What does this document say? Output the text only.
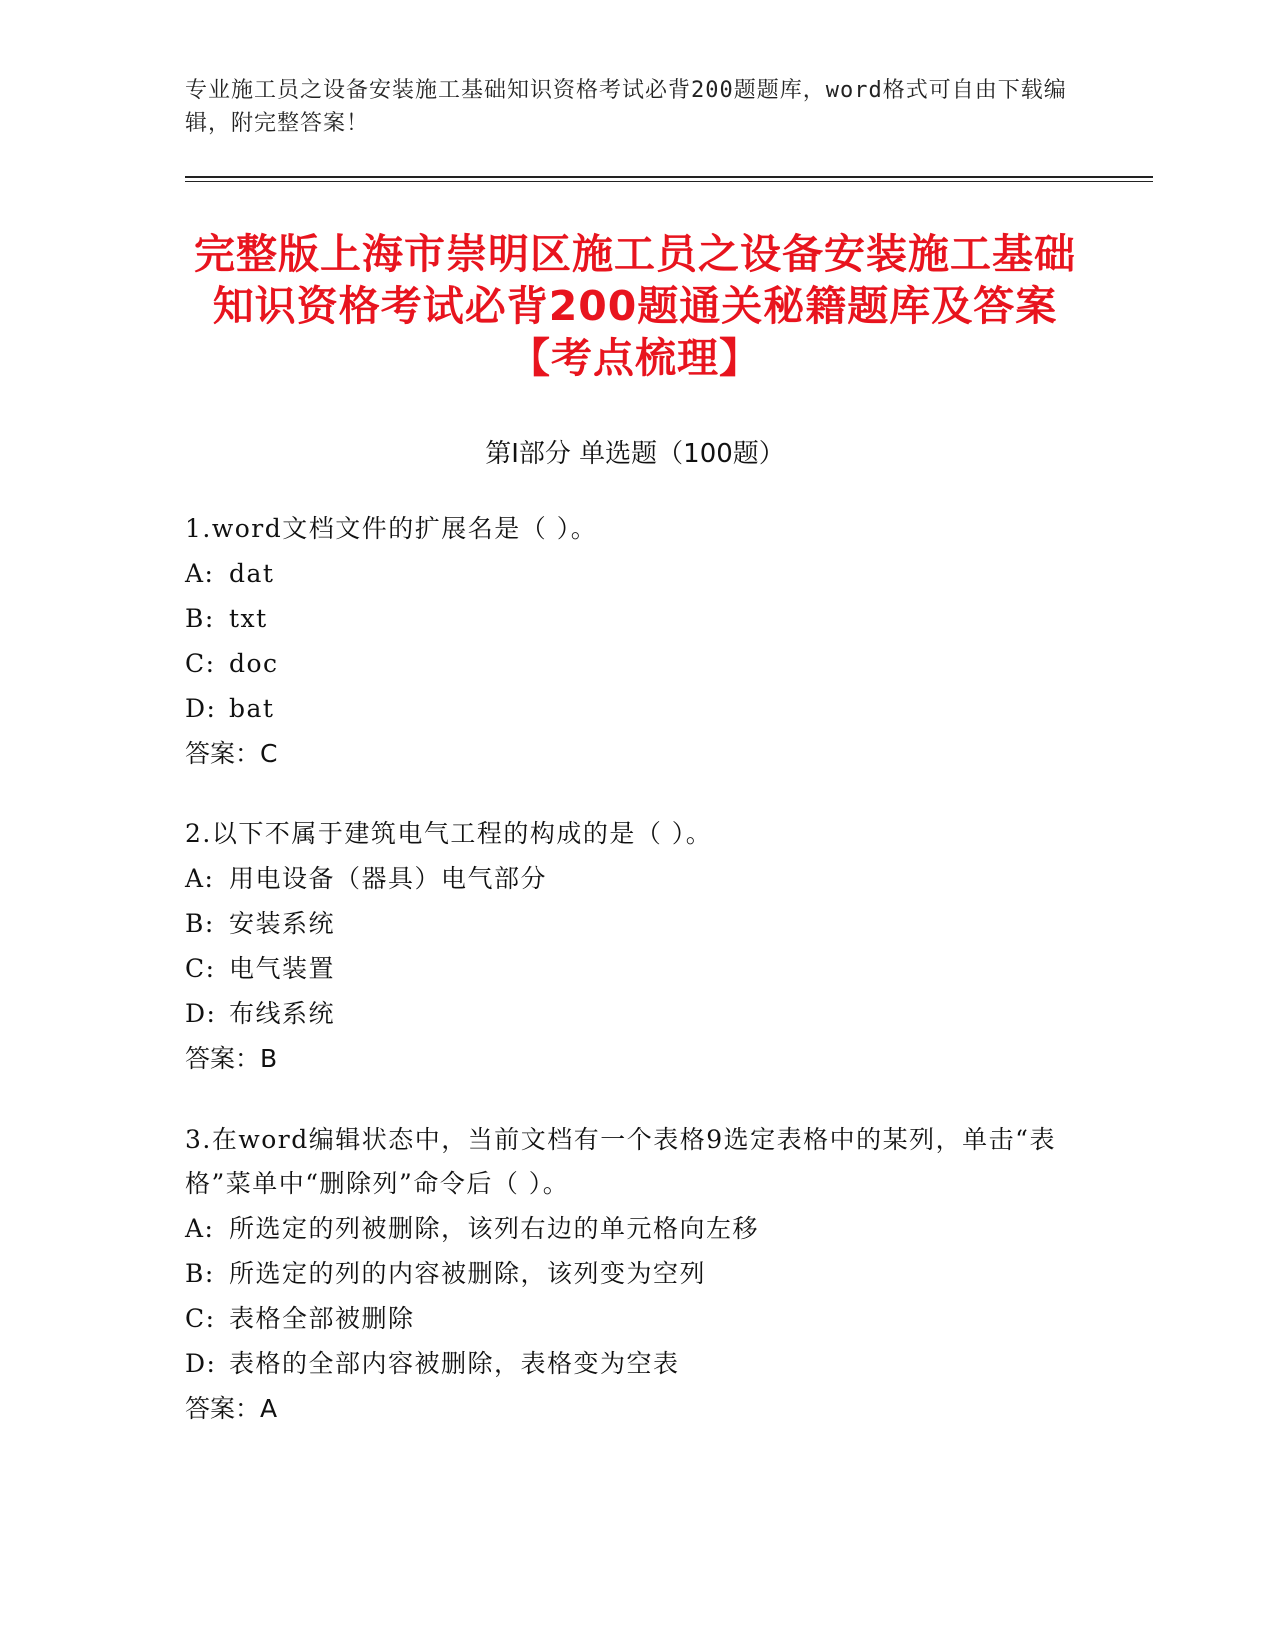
专业施工员之设备安装施工基础知识资格考试必背200题题库，word格式可自由下载编辑，附完整答案！
完整版上海市崇明区施工员之设备安装施工基础知识资格考试必背200题通关秘籍题库及答案【考点梳理】
第Ⅰ部分 单选题（100题）
1.word文档文件的扩展名是（ ）。
A: dat
B: txt
C: doc
D: bat
答案：C
2.以下不属于建筑电气工程的构成的是（ ）。
A: 用电设备（器具）电气部分
B: 安装系统
C: 电气装置
D: 布线系统
答案：B
3.在word编辑状态中，当前文档有一个表格9选定表格中的某列，单击“表格”菜单中“删除列”命令后（ ）。
A: 所选定的列被删除，该列右边的单元格向左移
B: 所选定的列的内容被删除，该列变为空列
C: 表格全部被删除
D: 表格的全部内容被删除，表格变为空表
答案：A
